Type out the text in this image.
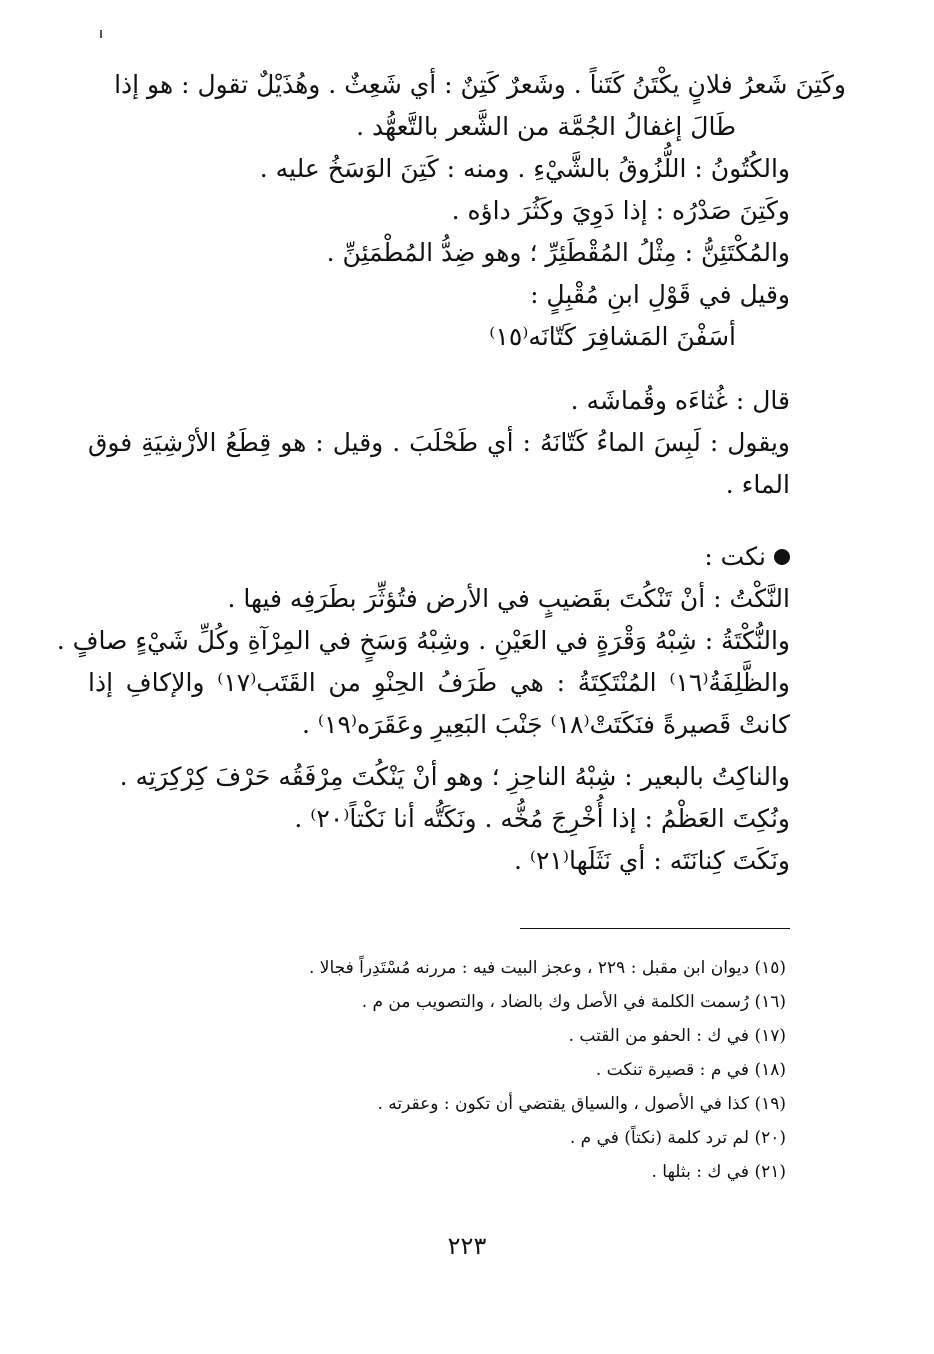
وكَتِنَ شَعرُ فلانٍ يكْتَنُ كَتَناً . وشَعرٌ كَتِنٌ : أي شَعِثٌ . وهُذَيْلٌ تقول : هو إذا

طَالَ إغفالُ الجُمَّة من الشَّعر بالتَّعهُّد .

والكُتُونُ : اللُّزُوقُ بالشَّيْءِ . ومنه : كَتِنَ الوَسَخُ عليه .

وكَتِنَ صَدْرُه : إذا دَوِيَ وكَثُرَ داؤه .

والمُكْتَئِنُّ : مِثْلُ المُقْطَئِرِّ ؛ وهو ضِدُّ المُطْمَئِنِّ .

وقيل في قَوْلِ ابنِ مُقْبِلٍ :

أسَفْنَ المَشافِرَ كَتّانَه⁽١٥⁾

قال : غُثاءَه وقُماشَه .

ويقول : لَبِسَ الماءُ كَتّانَهُ : أي طَحْلَبَ . وقيل : هو قِطَعُ الأرْشِيَةِ فوق الماء .

نكت :

النَّكْتُ : أنْ تَنْكُتَ بقَضيبٍ في الأرض فتُؤثِّرَ بطَرَفِه فيها .

والنُّكْتَةُ : شِبْهُ وَقْرَةٍ في العَيْنِ . وشِبْهُ وَسَخٍ في المِرْآةِ وكُلِّ شَيْءٍ صافٍ .

والظَّلِفَةُ⁽١٦⁾ المُنْتَكِتَةُ : هي طَرَفُ الحِنْوِ من القَتَب⁽١٧⁾ والإكافِ إذا كانتْ قَصيرةً فنَكَتَتْ⁽١٨⁾ جَنْبَ البَعِيرِ وعَقَرَه⁽١٩⁾ .

والناكِتُ بالبعير : شِبْهُ الناحِزِ ؛ وهو أنْ يَنْكُتَ مِرْفَقُه حَرْفَ كِرْكِرَتِه .

ونُكِتَ العَظْمُ : إذا أُخْرِجَ مُخُّه . ونَكَتُّه أنا نَكْتاً⁽٢٠⁾ .

ونَكَتَ كِنانَتَه : أي نَثَلَها⁽٢١⁾ .

(١٥) ديوان ابن مقبل : ٢٢٩ ، وعجز البيت فيه : مررنه مُسْتَدِراً فجالا .
(١٦) رُسمت الكلمة في الأصل وك بالضاد ، والتصويب من م .
(١٧) في ك : الحفو من القتب .
(١٨) في م : قصيرة تنكت .
(١٩) كذا في الأصول ، والسياق يقتضي أن تكون : وعقرته .
(٢٠) لم ترد كلمة (نكتاً) في م .
(٢١) في ك : بثلها .
٢٢٣
